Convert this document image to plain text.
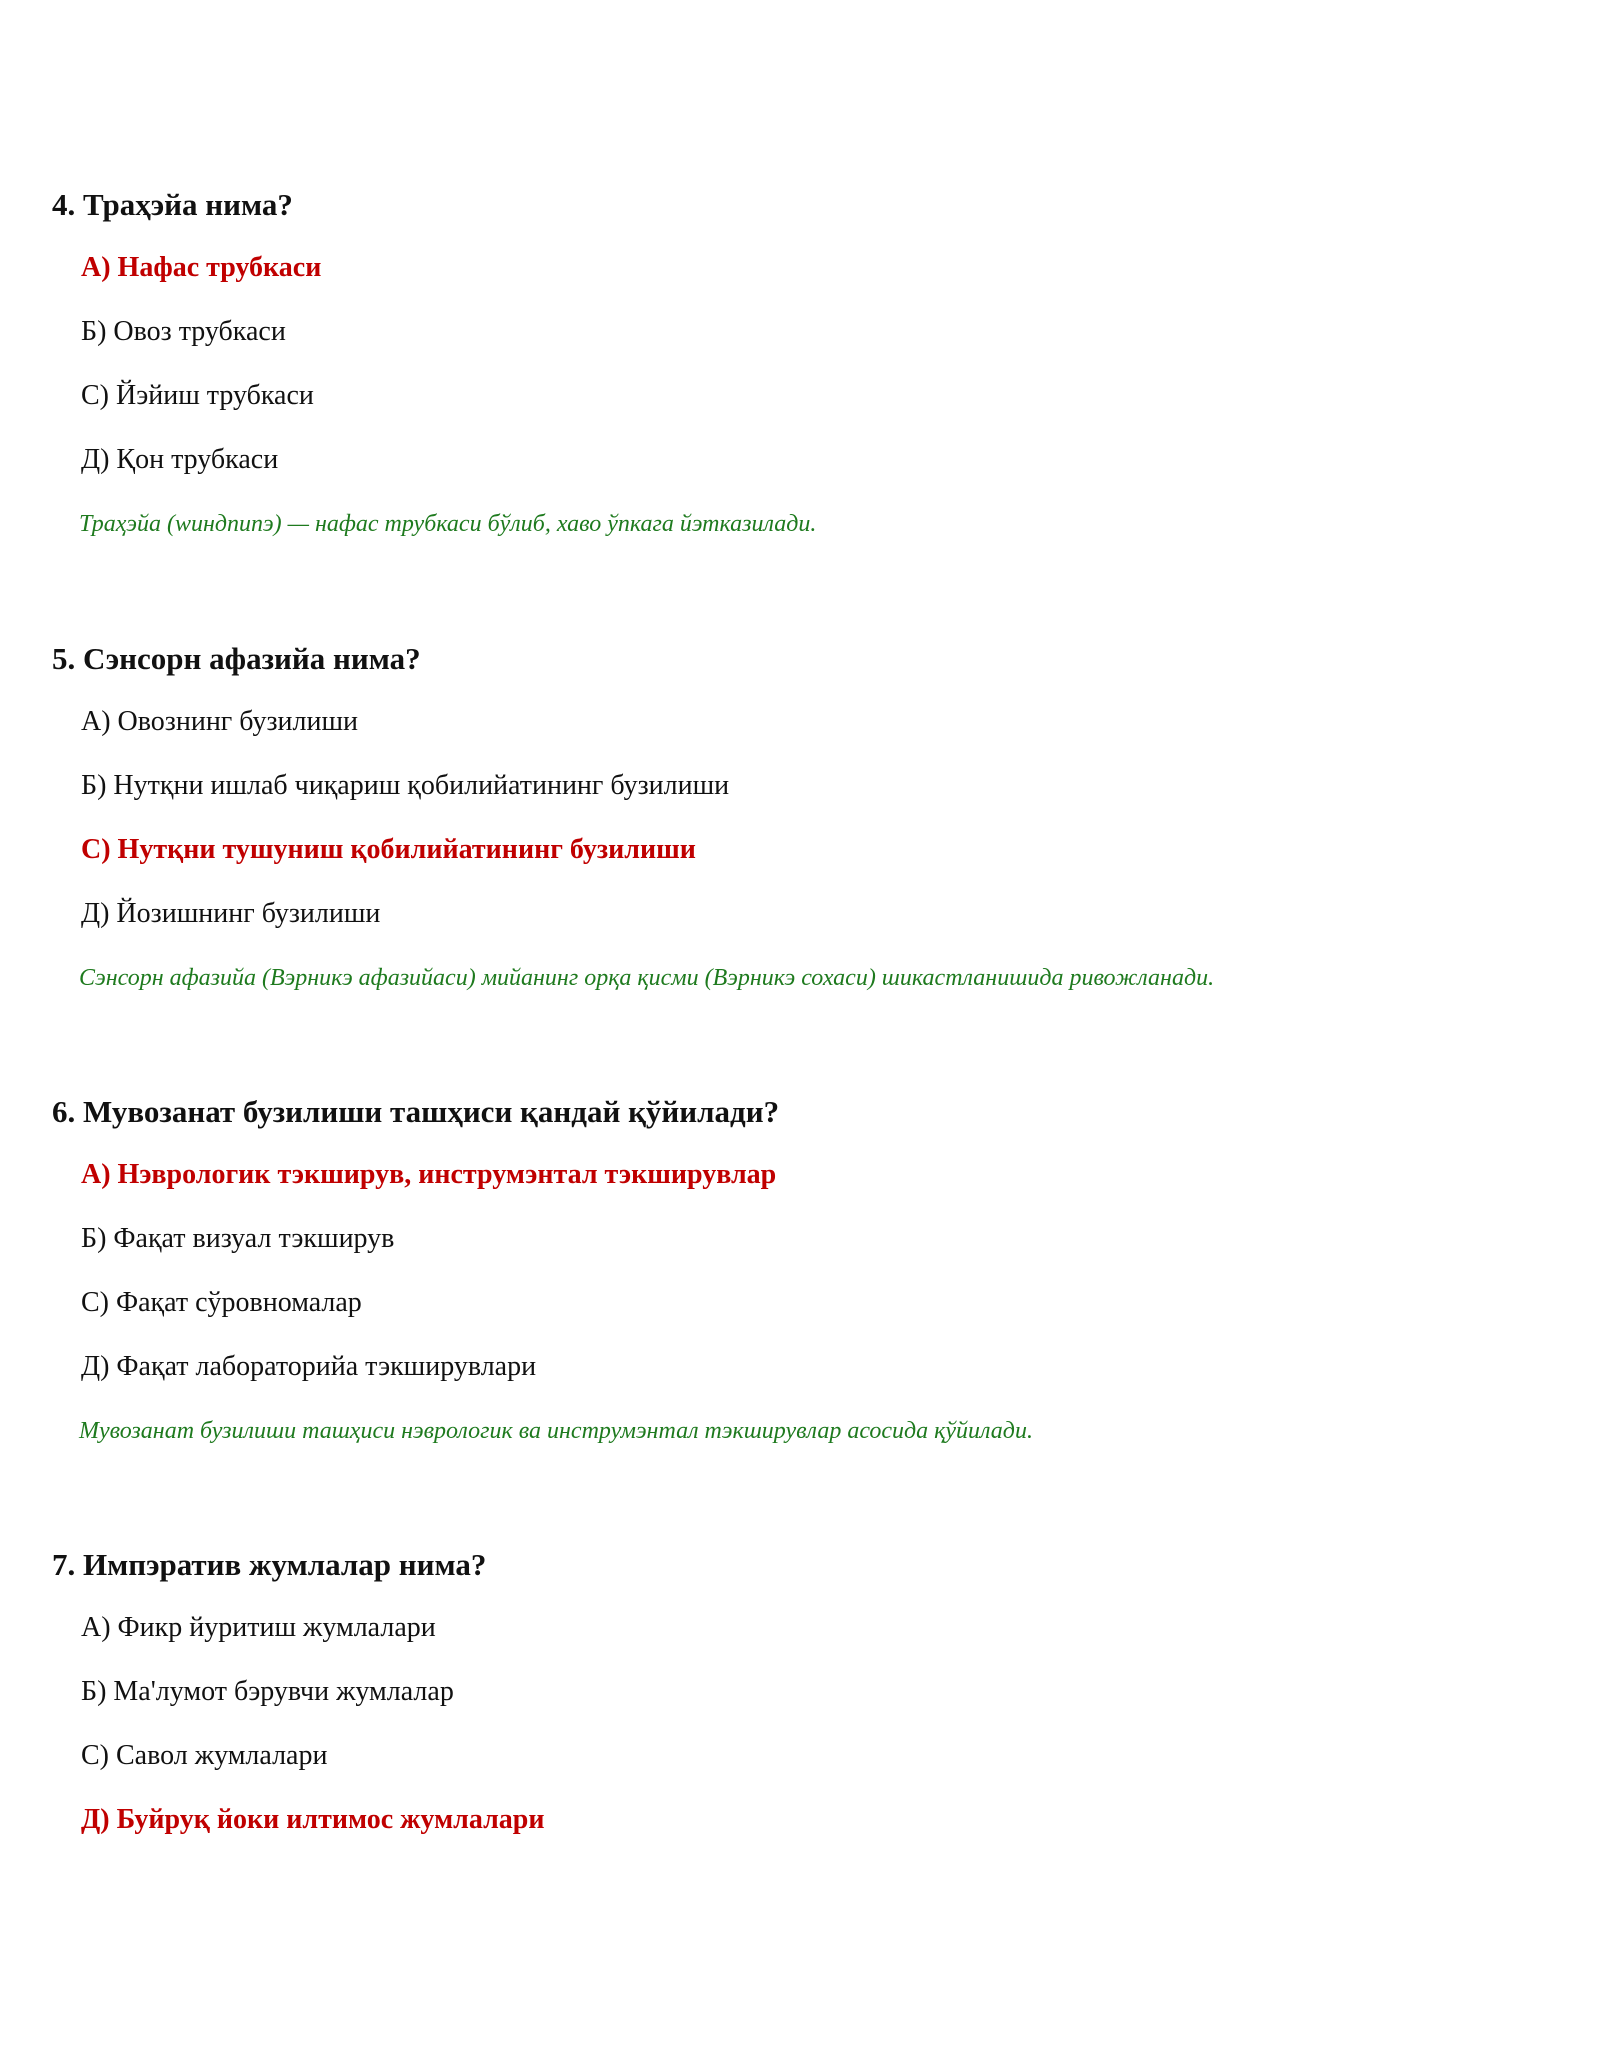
4. Траҳэйа нима?
А) Нафас трубкаси
Б) Овоз трубкаси
С) Йэйиш трубкаси
Д) Қон трубкаси
Траҳэйа (wиндпипэ) — нафас трубкаси бўлиб, хаво ўпкага йэтказилади.
5. Сэнсорн афазийа нима?
А) Овознинг бузилиши
Б) Нутқни ишлаб чиқариш қобилийатининг бузилиши
С) Нутқни тушуниш қобилийатининг бузилиши
Д) Йозишнинг бузилиши
Сэнсорн афазийа (Вэрникэ афазийаси) мийанинг орқа қисми (Вэрникэ сохаси) шикастланишида ривожланади.
6. Мувозанат бузилиши ташҳиси қандай қўйилади?
А) Нэврологик тэкширув, инструмэнтал тэкширувлар
Б) Фақат визуал тэкширув
С) Фақат сўровномалар
Д) Фақат лабораторийа тэкширувлари
Мувозанат бузилиши ташҳиси нэврологик ва инструмэнтал тэкширувлар асосида қўйилади.
7. Импэратив жумлалар нима?
А) Фикр йуритиш жумлалари
Б) Ма'лумот бэрувчи жумлалар
С) Савол жумлалари
Д) Буйруқ йоки илтимос жумлалари
